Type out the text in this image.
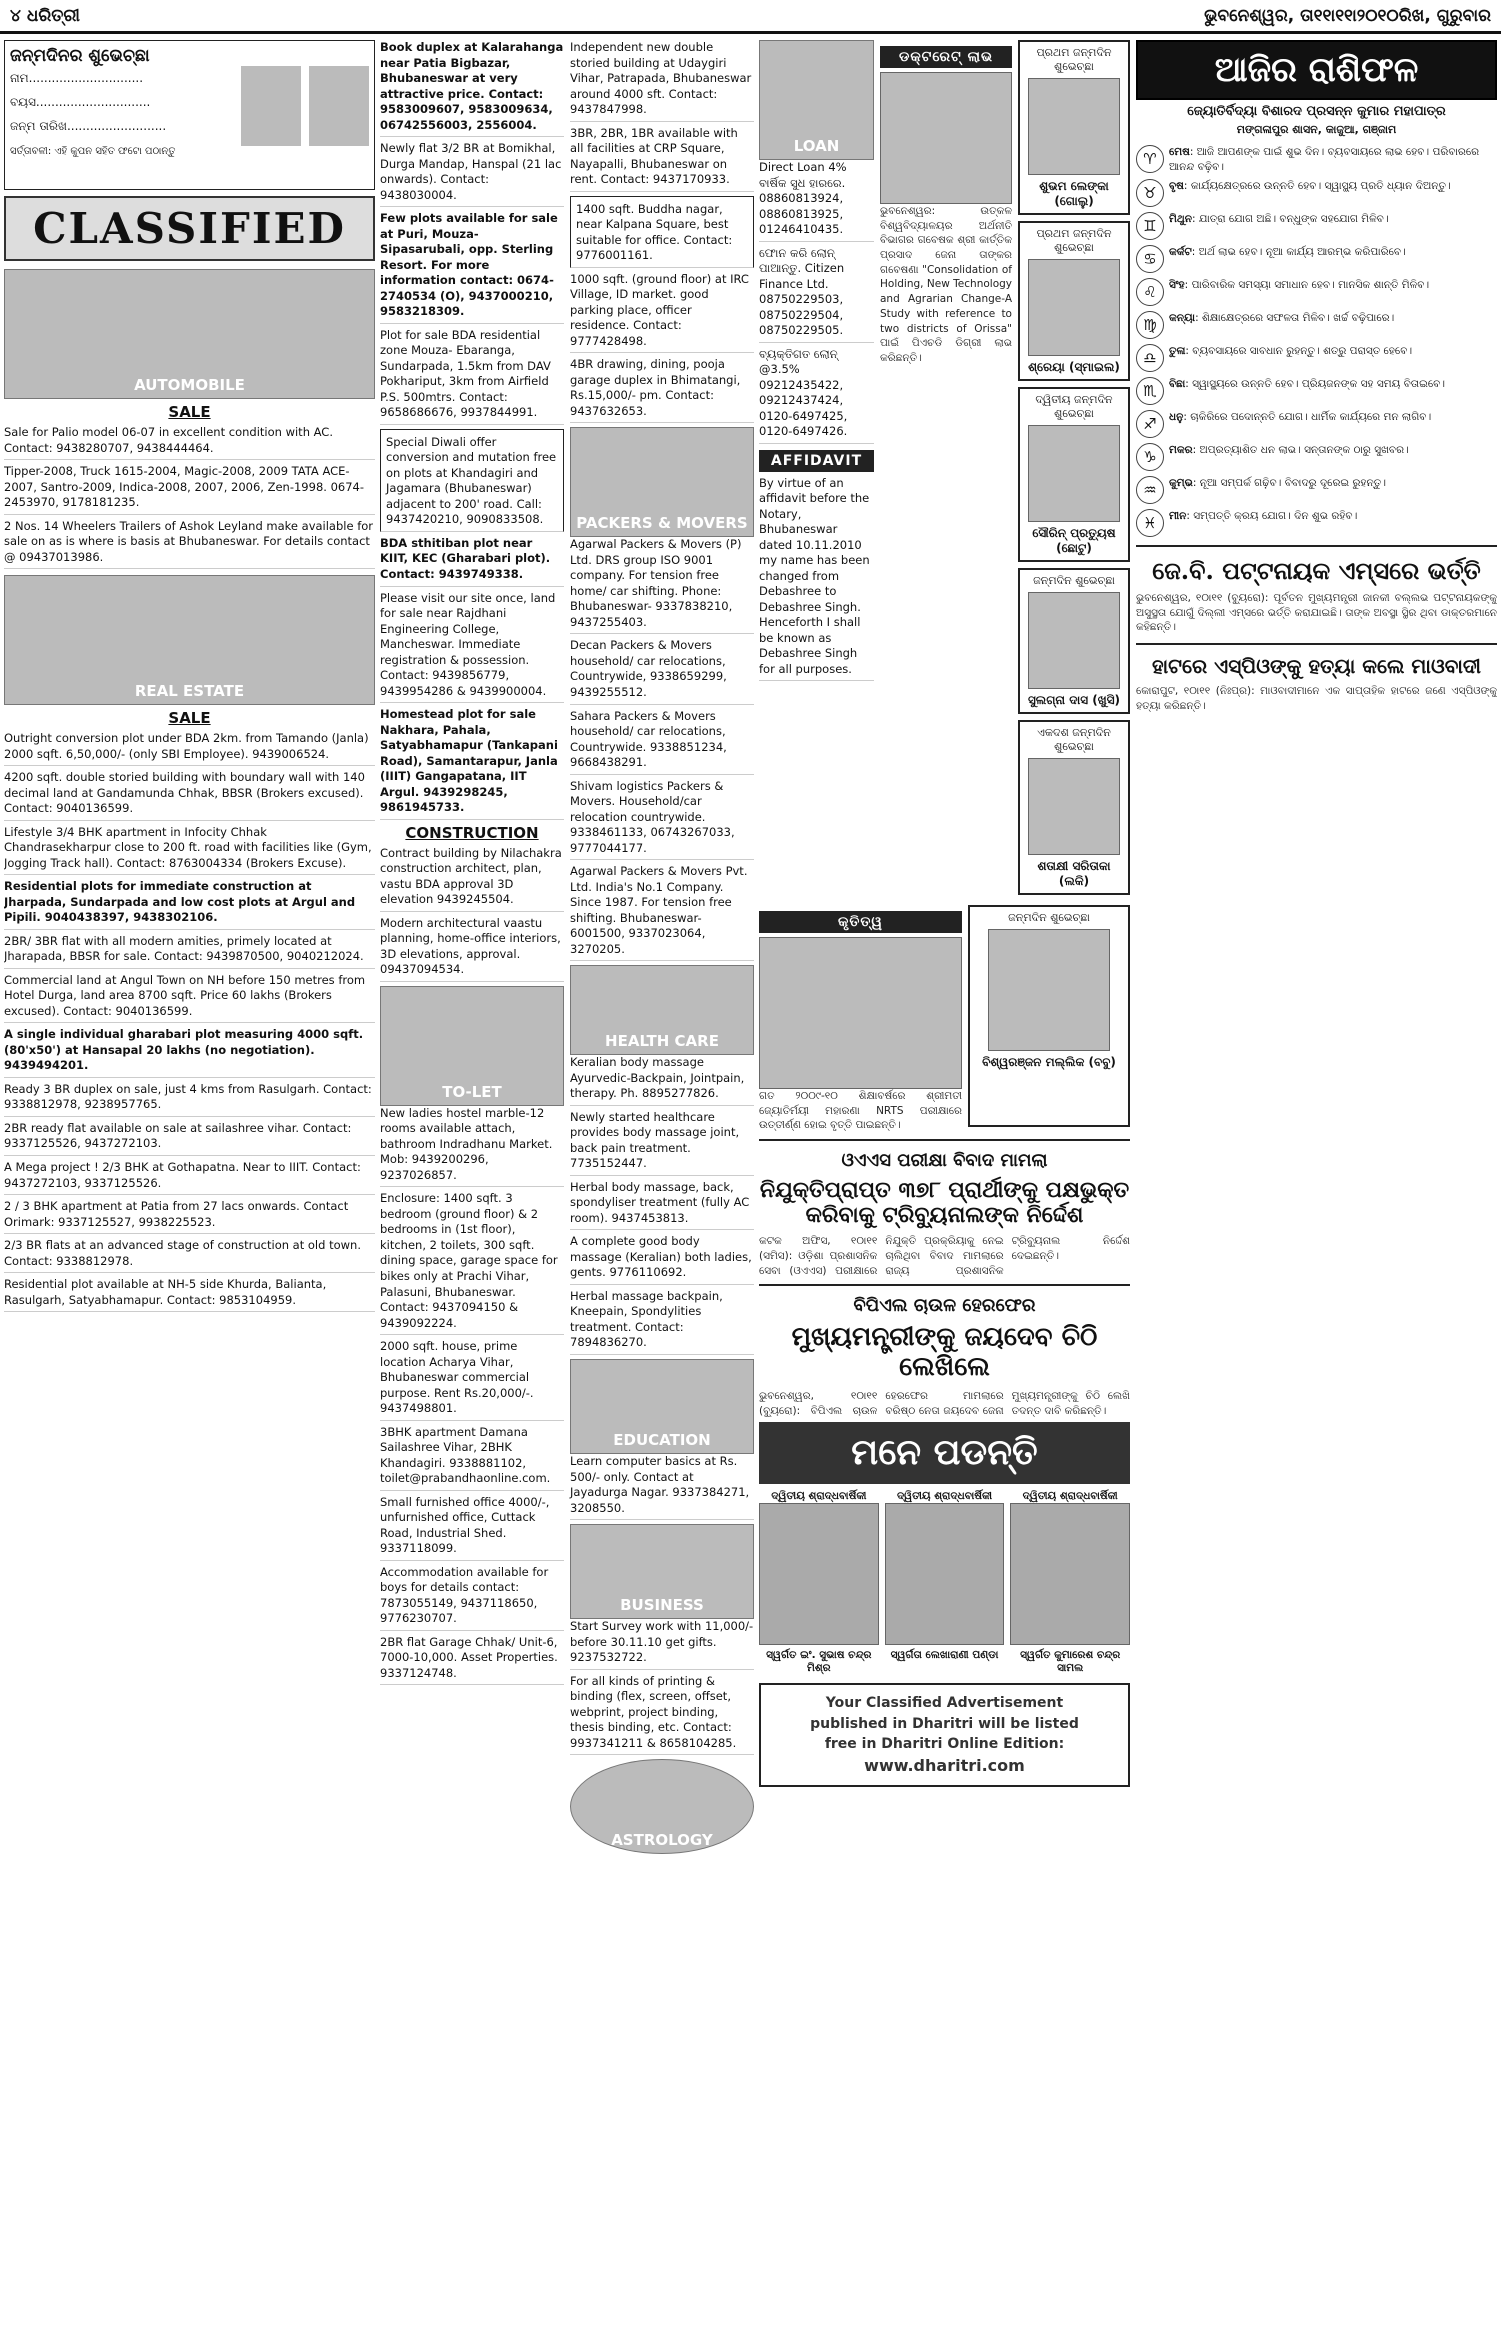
୪ ଧରିତ୍ରୀ	ଭୁବନେଶ୍ୱର, ତା୧୧ା୧୧ା୨୦୧୦ରିଖ, ଗୁରୁବାର
ଜନ୍ମଦିନର ଶୁଭେଚ୍ଛା
ନାମ..............................
ବୟସ..............................
ଜନ୍ମ ତାରିଖ..........................
ସର୍ତ୍ତାବଳୀ: ଏହି କୁପନ ସହିତ ଫଟୋ ପଠାନ୍ତୁ
CLASSIFIED
AUTOMOBILE
SALE
Sale for Palio model 06-07 in excellent condition with AC. Contact: 9438280707, 9438444464.
Tipper-2008, Truck 1615-2004, Magic-2008, 2009 TATA ACE-2007, Santro-2009, Indica-2008, 2007, 2006, Zen-1998. 0674-2453970, 9178181235.
2 Nos. 14 Wheelers Trailers of Ashok Leyland make available for sale on as is where is basis at Bhubaneswar. For details contact @ 09437013986.
REAL ESTATE
SALE
Outright conversion plot under BDA 2km. from Tamando (Janla) 2000 sqft. 6,50,000/- (only SBI Employee). 9439006524.
4200 sqft. double storied building with boundary wall with 140 decimal land at Gandamunda Chhak, BBSR (Brokers excused). Contact: 9040136599.
Lifestyle 3/4 BHK apartment in Infocity Chhak Chandrasekharpur close to 200 ft. road with facilities like (Gym, Jogging Track hall). Contact: 8763004334 (Brokers Excuse).
Residential plots for immediate construction at Jharpada, Sundarpada and low cost plots at Argul and Pipili. 9040438397, 9438302106.
2BR/ 3BR flat with all modern amities, primely located at Jharapada, BBSR for sale. Contact: 9439870500, 9040212024.
Commercial land at Angul Town on NH before 150 metres from Hotel Durga, land area 8700 sqft. Price 60 lakhs (Brokers excused). Contact: 9040136599.
A single individual gharabari plot measuring 4000 sqft. (80'x50') at Hansapal 20 lakhs (no negotiation). 9439494201.
Ready 3 BR duplex on sale, just 4 kms from Rasulgarh. Contact: 9338812978, 9238957765.
2BR ready flat available on sale at sailashree vihar. Contact: 9337125526, 9437272103.
A Mega project ! 2/3 BHK at Gothapatna. Near to IIIT. Contact: 9437272103, 9337125526.
2 / 3 BHK apartment at Patia from 27 lacs onwards. Contact Orimark: 9337125527, 9938225523.
2/3 BR flats at an advanced stage of construction at old town. Contact: 9338812978.
Residential plot available at NH-5 side Khurda, Balianta, Rasulgarh, Satyabhamapur. Contact: 9853104959.
Book duplex at Kalarahanga near Patia Bigbazar, Bhubaneswar at very attractive price. Contact: 9583009607, 9583009634, 06742556003, 2556004.
Newly flat 3/2 BR at Bomikhal, Durga Mandap, Hanspal (21 lac onwards). Contact: 9438030004.
Few plots available for sale at Puri, Mouza- Sipasarubali, opp. Sterling Resort. For more information contact: 0674-2740534 (O), 9437000210, 9583218309.
Plot for sale BDA residential zone Mouza- Ebaranga, Sundarpada, 1.5km from DAV Pokhariput, 3km from Airfield P.S. 500mtrs. Contact: 9658686676, 9937844991.
Special Diwali offer conversion and mutation free on plots at Khandagiri and Jagamara (Bhubaneswar) adjacent to 200' road. Call: 9437420210, 9090833508.
BDA sthitiban plot near KIIT, KEC (Gharabari plot). Contact: 9439749338.
Please visit our site once, land for sale near Rajdhani Engineering College, Mancheswar. Immediate registration & possession. Contact: 9439856779, 9439954286 & 9439900004.
Homestead plot for sale Nakhara, Pahala, Satyabhamapur (Tankapani Road), Samantarapur, Janla (IIIT) Gangapatana, IIT Argul. 9439298245, 9861945733.
CONSTRUCTION
Contract building by Nilachakra construction architect, plan, vastu BDA approval 3D elevation 9439245504.
Modern architectural vaastu planning, home-office interiors, 3D elevations, approval. 09437094534.
TO-LET
New ladies hostel marble-12 rooms available attach, bathroom Indradhanu Market. Mob: 9439200296, 9237026857.
Enclosure: 1400 sqft. 3 bedroom (ground floor) & 2 bedrooms in (1st floor), kitchen, 2 toilets, 300 sqft. dining space, garage space for bikes only at Prachi Vihar, Palasuni, Bhubaneswar. Contact: 9437094150 & 9439092224.
2000 sqft. house, prime location Acharya Vihar, Bhubaneswar commercial purpose. Rent Rs.20,000/-. 9437498801.
3BHK apartment Damana Sailashree Vihar, 2BHK Khandagiri. 9338881102, toilet@prabandhaonline.com.
Small furnished office 4000/-, unfurnished office, Cuttack Road, Industrial Shed. 9337118099.
Accommodation available for boys for details contact: 7873055149, 9437118650, 9776230707.
2BR flat Garage Chhak/ Unit-6, 7000-10,000. Asset Properties. 9337124748.
Independent new double storied building at Udaygiri Vihar, Patrapada, Bhubaneswar around 4000 sft. Contact: 9437847998.
3BR, 2BR, 1BR available with all facilities at CRP Square, Nayapalli, Bhubaneswar on rent. Contact: 9437170933.
1400 sqft. Buddha nagar, near Kalpana Square, best suitable for office. Contact: 9776001161.
1000 sqft. (ground floor) at IRC Village, ID market. good parking place, officer residence. Contact: 9777428498.
4BR drawing, dining, pooja garage duplex in Bhimatangi, Rs.15,000/- pm. Contact: 9437632653.
PACKERS & MOVERS
Agarwal Packers & Movers (P) Ltd. DRS group ISO 9001 company. For tension free home/ car shifting. Phone: Bhubaneswar- 9337838210, 9437255403.
Decan Packers & Movers household/ car relocations, Countrywide, 9338659299, 9439255512.
Sahara Packers & Movers household/ car relocations, Countrywide. 9338851234, 9668438291.
Shivam logistics Packers & Movers. Household/car relocation countrywide. 9338461133, 06743267033, 9777044177.
Agarwal Packers & Movers Pvt. Ltd. India's No.1 Company. Since 1987. For tension free shifting. Bhubaneswar- 6001500, 9337023064, 3270205.
HEALTH CARE
Keralian body massage Ayurvedic-Backpain, Jointpain, therapy. Ph. 8895277826.
Newly started healthcare provides body massage joint, back pain treatment. 7735152447.
Herbal body massage, back, spondyliser treatment (fully AC room). 9437453813.
A complete good body massage (Keralian) both ladies, gents. 9776110692.
Herbal massage backpain, Kneepain, Spondylities treatment. Contact: 7894836270.
EDUCATION
Learn computer basics at Rs. 500/- only. Contact at Jayadurga Nagar. 9337384271, 3208550.
BUSINESS
Start Survey work with 11,000/- before 30.11.10 get gifts. 9237532722.
For all kinds of printing & binding (flex, screen, offset, webprint, project binding, thesis binding, etc. Contact: 9937341211 & 8658104285.
ASTROLOGY
LOAN
Direct Loan 4% ବାର୍ଷିକ ସୁଧ ହାରରେ. 08860813924, 08860813925, 01246410435.
ଫୋନ କରି ଲୋନ୍ ପାଆନ୍ତୁ. Citizen Finance Ltd. 08750229503, 08750229504, 08750229505.
ବ୍ୟକ୍ତିଗତ ଲୋନ୍ @3.5% 09212435422, 09212437424, 0120-6497425, 0120-6497426.
AFFIDAVIT
By virtue of an affidavit before the Notary, Bhubaneswar dated 10.11.2010 my name has been changed from Debashree to Debashree Singh. Henceforth I shall be known as Debashree Singh for all purposes.
ଡକ୍ଟରେଟ୍ ଲାଭ
ଭୁବନେଶ୍ୱର: ଉତ୍କଳ ବିଶ୍ୱବିଦ୍ୟାଳୟର ଅର୍ଥନୀତି ବିଭାଗର ଗବେଷକ ଶ୍ରୀ କାର୍ତ୍ତିକ ପ୍ରସାଦ ଜେନା ତାଙ୍କର ଗବେଷଣା "Consolidation of Holding, New Technology and Agrarian Change-A Study with reference to two districts of Orissa" ପାଇଁ ପିଏଚଡି ଡିଗ୍ରୀ ଲାଭ କରିଛନ୍ତି।
ପ୍ରଥମ ଜନ୍ମଦିନ ଶୁଭେଚ୍ଛା
ଶୁଭମ ଲେଙ୍କା (ଗୋଲୁ)
ପ୍ରଥମ ଜନ୍ମଦିନ ଶୁଭେଚ୍ଛା
ଶ୍ରେୟା (ସ୍ମାଇଲ)
ଦ୍ୱିତୀୟ ଜନ୍ମଦିନ ଶୁଭେଚ୍ଛା
ସୌରିନ୍ ପ୍ରତ୍ୟୁଷ (ଛୋଟୁ)
ଜନ୍ମଦିନ ଶୁଭେଚ୍ଛା
ସୁଲଗ୍ନା ଦାସ (ଖୁସି)
ଏକଦଶ ଜନ୍ମଦିନ ଶୁଭେଚ୍ଛା
ଶତାକ୍ଷୀ ସରିତାକା (ଲକି)
କୃତିତ୍ୱ
ଗତ ୨୦୦୯-୧୦ ଶିକ୍ଷାବର୍ଷରେ ଶ୍ରୀମତୀ ଜ୍ୟୋତିର୍ମୟୀ ମହାରଣା NRTS ପରୀକ୍ଷାରେ ଉତ୍ତୀର୍ଣ୍ଣ ହୋଇ ବୃତ୍ତି ପାଇଛନ୍ତି।
ଜନ୍ମଦିନ ଶୁଭେଚ୍ଛା
ବିଶ୍ୱରଞ୍ଜନ ମଲ୍ଲିକ (ବବୁ)
ଓଏଏସ ପରୀକ୍ଷା ବିବାଦ ମାମଲା
ନିଯୁକ୍ତିପ୍ରାପ୍ତ ୩୭୮ ପ୍ରାର୍ଥୀଙ୍କୁ ପକ୍ଷଭୁକ୍ତ କରିବାକୁ ଟ୍ରିବ୍ୟୁନାଲଙ୍କ ନିର୍ଦ୍ଦେଶ
କଟକ ଅଫିସ, ୧୦ା୧୧ (ସମିସ): ଓଡ଼ିଶା ପ୍ରଶାସନିକ ସେବା (ଓଏଏସ) ପରୀକ୍ଷାରେ ନିଯୁକ୍ତି ପ୍ରକ୍ରିୟାକୁ ନେଇ ଚାଲିଥିବା ବିବାଦ ମାମଲାରେ ରାଜ୍ୟ ପ୍ରଶାସନିକ ଟ୍ରିବ୍ୟୁନାଲ ନିର୍ଦ୍ଦେଶ ଦେଇଛନ୍ତି।
ବିପିଏଲ ଚାଉଳ ହେରଫେର
ମୁଖ୍ୟମନ୍ତ୍ରୀଙ୍କୁ ଜୟଦେବ ଚିଠି ଲେଖିଲେ
ଭୁବନେଶ୍ୱର, ୧୦ା୧୧ (ବ୍ୟୁରୋ): ବିପିଏଲ ଚାଉଳ ହେରଫେର ମାମଲାରେ ବରିଷ୍ଠ ନେତା ଜୟଦେବ ଜେନା ମୁଖ୍ୟମନ୍ତ୍ରୀଙ୍କୁ ଚିଠି ଲେଖି ତଦନ୍ତ ଦାବି କରିଛନ୍ତି।
ମନେ ପଡନ୍ତି
ଦ୍ୱିତୀୟ ଶ୍ରାଦ୍ଧବାର୍ଷିକୀ
ସ୍ୱର୍ଗତ ଇଂ. ସୁଭାଷ ଚନ୍ଦ୍ର ମିଶ୍ର
ଦ୍ୱିତୀୟ ଶ୍ରାଦ୍ଧବାର୍ଷିକୀ
ସ୍ୱର୍ଗତା ଲେଖାରାଣୀ ପଣ୍ଡା
ଦ୍ୱିତୀୟ ଶ୍ରାଦ୍ଧବାର୍ଷିକୀ
ସ୍ୱର୍ଗତ କୁମାରେଶ ଚନ୍ଦ୍ର ସାମଲ
Your Classified Advertisement
published in Dharitri will be listed
free in Dharitri Online Edition:
www.dharitri.com
ଆଜିର ରାଶିଫଳ
ଜ୍ୟୋତିର୍ବିଦ୍ୟା ବିଶାରଦ ପ୍ରସନ୍ନ କୁମାର ମହାପାତ୍ର
ମଙ୍ଗଳାପୁର ଶାସନ, କାଜୁଆ, ଗଞ୍ଜାମ
♈	ମେଷ: ଆଜି ଆପଣଙ୍କ ପାଇଁ ଶୁଭ ଦିନ। ବ୍ୟବସାୟରେ ଲାଭ ହେବ। ପରିବାରରେ ଆନନ୍ଦ ବଢ଼ିବ।
♉	ବୃଷ: କାର୍ଯ୍ୟକ୍ଷେତ୍ରରେ ଉନ୍ନତି ହେବ। ସ୍ୱାସ୍ଥ୍ୟ ପ୍ରତି ଧ୍ୟାନ ଦିଅନ୍ତୁ।
♊	ମିଥୁନ: ଯାତ୍ରା ଯୋଗ ଅଛି। ବନ୍ଧୁଙ୍କ ସହଯୋଗ ମିଳିବ।
♋	କର୍କଟ: ଅର୍ଥ ଲାଭ ହେବ। ନୂଆ କାର୍ଯ୍ୟ ଆରମ୍ଭ କରିପାରିବେ।
♌	ସିଂହ: ପାରିବାରିକ ସମସ୍ୟା ସମାଧାନ ହେବ। ମାନସିକ ଶାନ୍ତି ମିଳିବ।
♍	କନ୍ୟା: ଶିକ୍ଷାକ୍ଷେତ୍ରରେ ସଫଳତା ମିଳିବ। ଖର୍ଚ୍ଚ ବଢ଼ିପାରେ।
♎	ତୁଳା: ବ୍ୟବସାୟରେ ସାବଧାନ ରୁହନ୍ତୁ। ଶତ୍ରୁ ପରାସ୍ତ ହେବେ।
♏	ବିଛା: ସ୍ୱାସ୍ଥ୍ୟରେ ଉନ୍ନତି ହେବ। ପ୍ରିୟଜନଙ୍କ ସହ ସମୟ ବିତାଇବେ।
♐	ଧନୁ: ଚାକିରିରେ ପଦୋନ୍ନତି ଯୋଗ। ଧାର୍ମିକ କାର୍ଯ୍ୟରେ ମନ ଲାଗିବ।
♑	ମକର: ଅପ୍ରତ୍ୟାଶିତ ଧନ ଲାଭ। ସନ୍ତାନଙ୍କ ଠାରୁ ସୁଖବର।
♒	କୁମ୍ଭ: ନୂଆ ସମ୍ପର୍କ ଗଢ଼ିବ। ବିବାଦରୁ ଦୂରେଇ ରୁହନ୍ତୁ।
♓	ମୀନ: ସମ୍ପତ୍ତି କ୍ରୟ ଯୋଗ। ଦିନ ଶୁଭ ରହିବ।
ଜେ.ବି. ପଟ୍ଟନାୟକ ଏମ୍ସରେ ଭର୍ତ୍ତି
ଭୁବନେଶ୍ୱର, ୧୦ା୧୧ (ବ୍ୟୁରୋ): ପୂର୍ବତନ ମୁଖ୍ୟମନ୍ତ୍ରୀ ଜାନକୀ ବଲ୍ଲଭ ପଟ୍ଟନାୟକଙ୍କୁ ଅସୁସ୍ଥତା ଯୋଗୁଁ ଦିଲ୍ଲୀ ଏମ୍ସରେ ଭର୍ତ୍ତି କରାଯାଇଛି। ତାଙ୍କ ଅବସ୍ଥା ସ୍ଥିର ଥିବା ଡାକ୍ତରମାନେ କହିଛନ୍ତି।
ହାଟରେ ଏସ୍‌ପିଓଙ୍କୁ ହତ୍ୟା କଲେ ମାଓବାଦୀ
କୋରାପୁଟ, ୧୦ା୧୧ (ନିଃପ୍ର): ମାଓବାଦୀମାନେ ଏକ ସାପ୍ତାହିକ ହାଟରେ ଜଣେ ଏସ୍‌ପିଓଙ୍କୁ ହତ୍ୟା କରିଛନ୍ତି।
